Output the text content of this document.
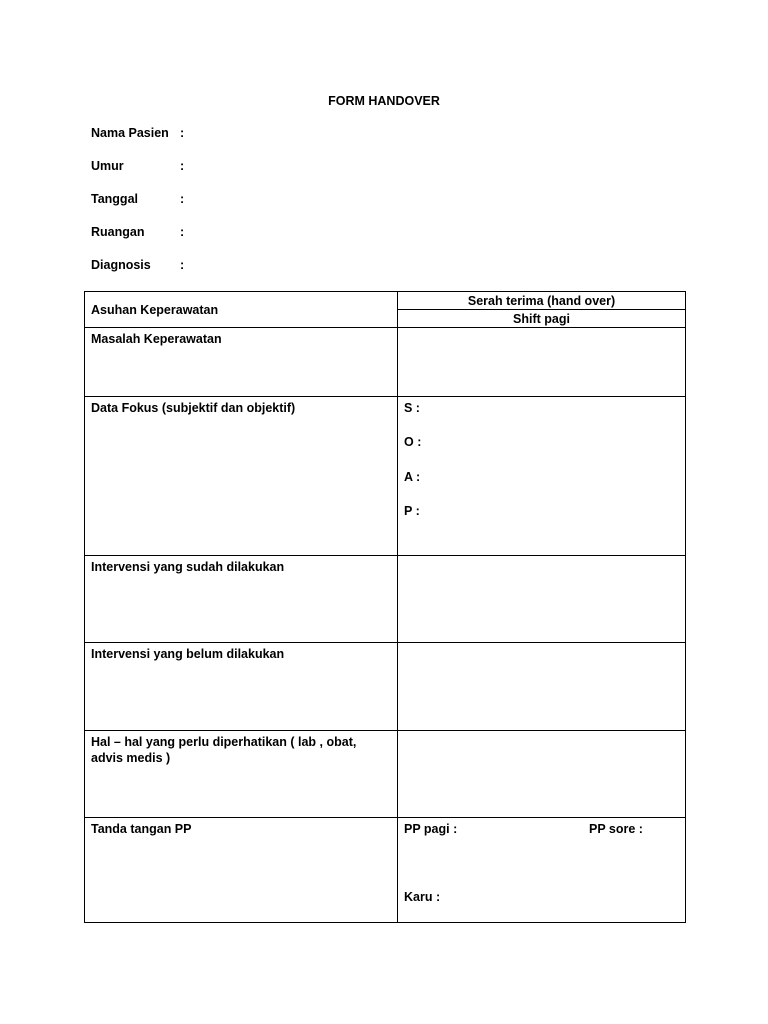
FORM HANDOVER
Nama Pasien :
Umur	:
Tanggal	:
Ruangan	:
Diagnosis :
Asuhan Keperawatan	Serah terima (hand over)
	Shift pagi
Masalah Keperawatan	
Data Fokus (subjektif dan objektif)	S :
O :
A :
P :

Intervensi yang sudah dilakukan	
Intervensi yang belum dilakukan	
Hal – hal yang perlu diperhatikan ( lab , obat, advis medis )	
Tanda tangan PP	PP pagi : PP sore :
Karu :
